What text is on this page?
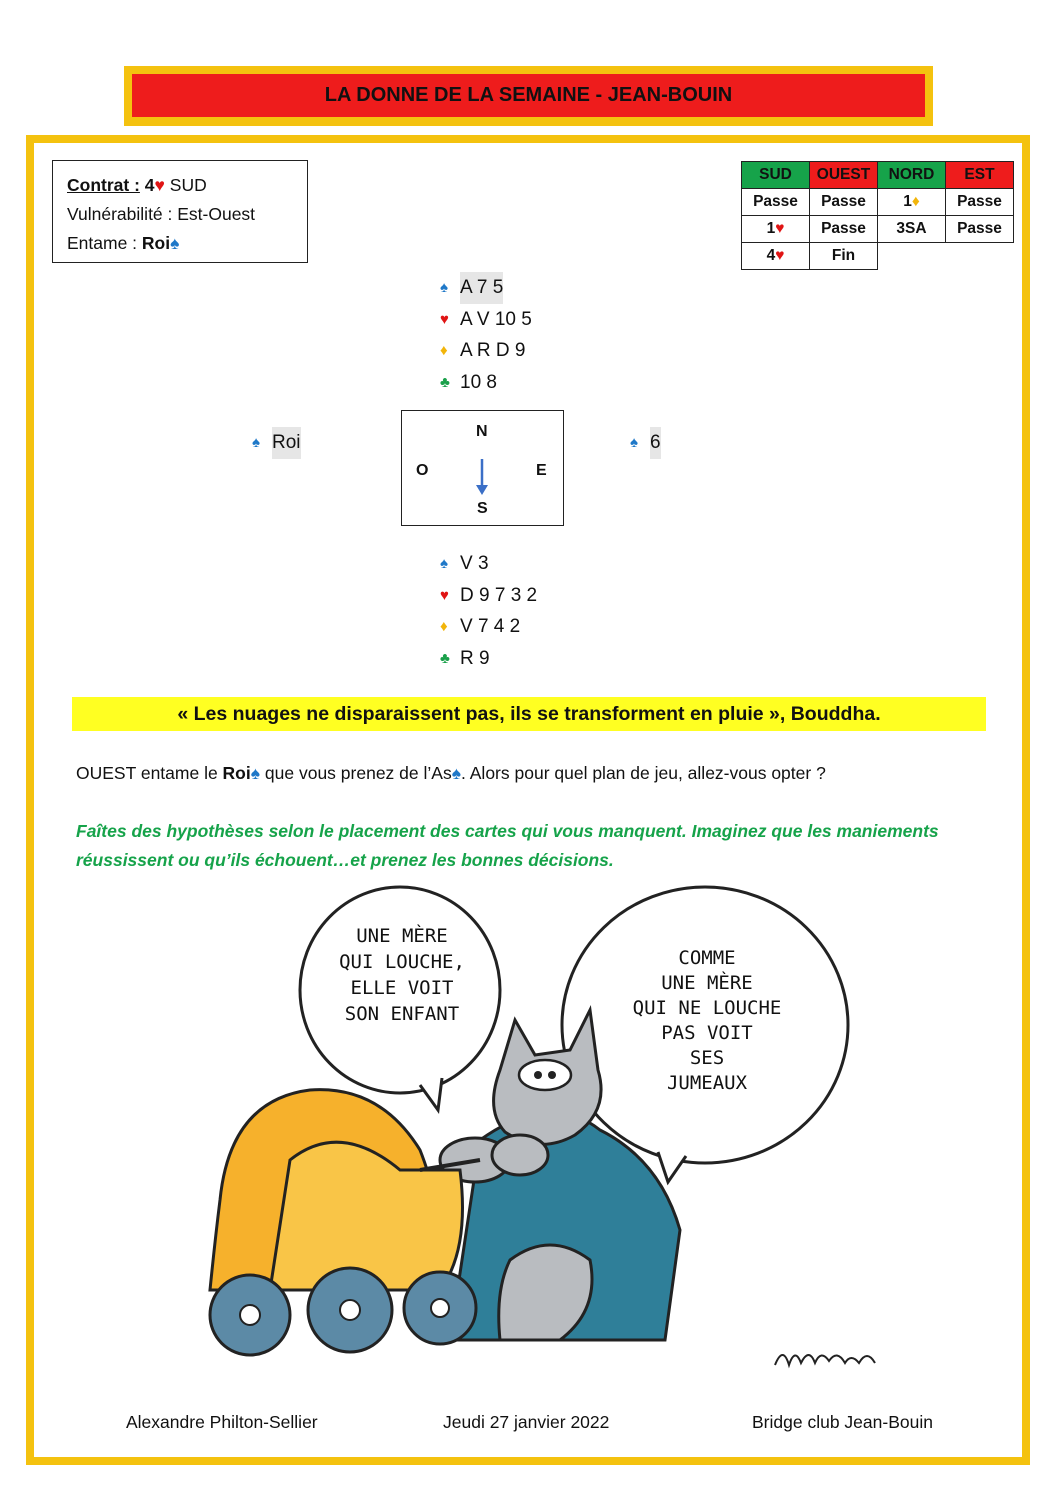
LA DONNE DE LA SEMAINE - JEAN-BOUIN
Contrat : 4♥ SUD
Vulnérabilité : Est-Ouest
Entame : Roi♠
SUD	OUEST	NORD	EST
Passe	Passe	1♦	Passe
1♥	Passe	3SA	Passe
4♥	Fin		
♠ A 7 5
♥ A V 10 5
♦ A R D 9
♣ 10 8
♠ Roi	♠ 6
N
O	E
S
♠ V 3
♥ D 9 7 3 2
♦ V 7 4 2
♣ R 9
« Les nuages ne disparaissent pas, ils se transforment en pluie », Bouddha.
OUEST entame le Roi♠ que vous prenez de l’As♠. Alors pour quel plan de jeu, allez-vous opter ?
Faîtes des hypothèses selon le placement des cartes qui vous manquent. Imaginez que les maniements réussissent ou qu’ils échouent…et prenez les bonnes décisions.
UNE MÈRE
QUI LOUCHE,
ELLE VOIT
SON ENFANT
COMME
UNE MÈRE
QUI NE LOUCHE
PAS VOIT
SES
JUMEAUX
Alexandre Philton-Sellier	Jeudi 27 janvier 2022	Bridge club Jean-Bouin
